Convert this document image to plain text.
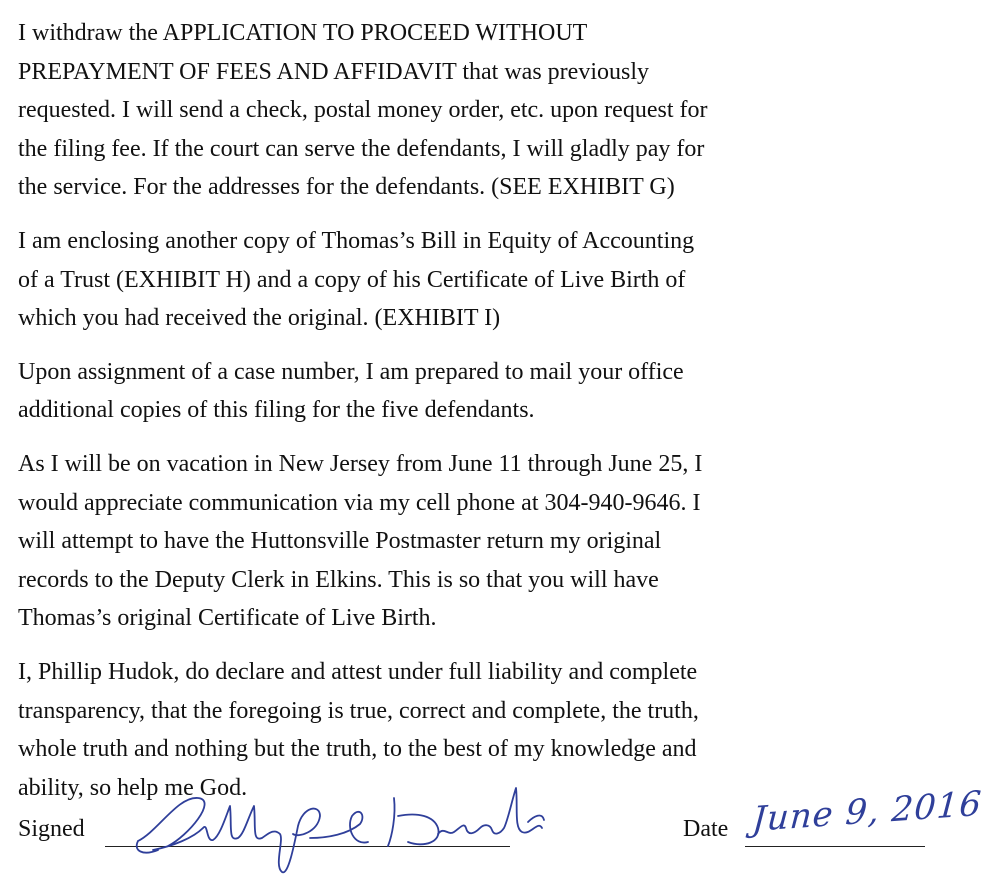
I withdraw the APPLICATION TO PROCEED WITHOUT
PREPAYMENT OF FEES AND AFFIDAVIT that was previously
requested. I will send a check, postal money order, etc. upon request for
the filing fee. If the court can serve the defendants, I will gladly pay for
the service. For the addresses for the defendants. (SEE EXHIBIT G)

I am enclosing another copy of Thomas’s Bill in Equity of Accounting
of a Trust (EXHIBIT H) and a copy of his Certificate of Live Birth of
which you had received the original. (EXHIBIT I)

Upon assignment of a case number, I am prepared to mail your office
additional copies of this filing for the five defendants.

As I will be on vacation in New Jersey from June 11 through June 25, I
would appreciate communication via my cell phone at 304-940-9646. I
will attempt to have the Huttonsville Postmaster return my original
records to the Deputy Clerk in Elkins. This is so that you will have
Thomas’s original Certificate of Live Birth.

I, Phillip Hudok, do declare and attest under full liability and complete
transparency, that the foregoing is true, correct and complete, the truth,
whole truth and nothing but the truth, to the best of my knowledge and
ability, so help me God.

Signed	Date June 9, 2016
